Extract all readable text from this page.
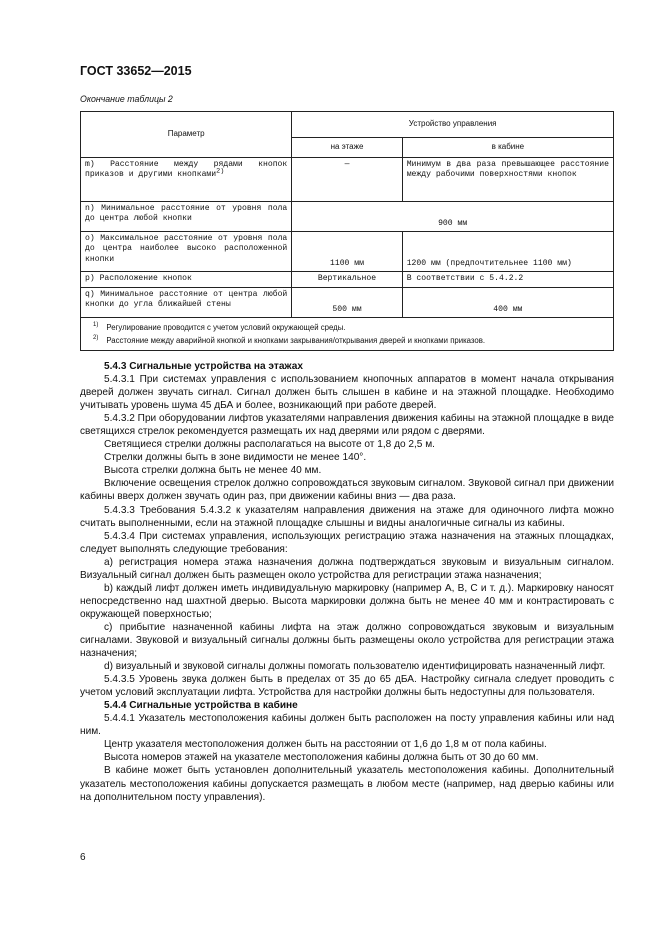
ГОСТ 33652—2015
Окончание таблицы 2
Параметр	Устройство управления	
	на этаже	в кабине
m) Расстояние между рядами кнопок приказов и другими кнопками$^{2)}$	—	Минимум в два раза превышающее расстояние между рабочими поверхностями кнопок
n) Минимальное расстояние от уровня пола до центра любой кнопки	900 мм	
o) Максимальное расстояние от уровня пола до центра наиболее высоко расположенной кнопки	1100 мм	1200 мм (предпочтительнее 1100 мм)
p) Расположение кнопок	Вертикальное	В соответствии с 5.4.2.2
q) Минимальное расстояние от центра любой кнопки до угла ближайшей стены	500 мм	400 мм

$^{1)}$ Регулирование проводится с учетом условий окружающей среды.
$^{2)}$ Расстояние между аварийной кнопкой и кнопками закрывания/открывания дверей и кнопками приказов.		

5.4.3 Сигнальные устройства на этажах

5.4.3.1 При системах управления с использованием кнопочных аппаратов в момент начала открывания дверей должен звучать сигнал. Сигнал должен быть слышен в кабине и на этажной площадке. Необходимо учитывать уровень шума 45 дБА и более, возникающий при работе дверей.

5.4.3.2 При оборудовании лифтов указателями направления движения кабины на этажной площадке в виде светящихся стрелок рекомендуется размещать их над дверями или рядом с дверями.

Светящиеся стрелки должны располагаться на высоте от 1,8 до 2,5 м.

Стрелки должны быть в зоне видимости не менее 140°.

Высота стрелки должна быть не менее 40 мм.

Включение освещения стрелок должно сопровождаться звуковым сигналом. Звуковой сигнал при движении кабины вверх должен звучать один раз, при движении кабины вниз — два раза.

5.4.3.3 Требования 5.4.3.2 к указателям направления движения на этаже для одиночного лифта можно считать выполненными, если на этажной площадке слышны и видны аналогичные сигналы из кабины.

5.4.3.4 При системах управления, использующих регистрацию этажа назначения на этажных площадках, следует выполнять следующие требования:

а) регистрация номера этажа назначения должна подтверждаться звуковым и визуальным сигналом. Визуальный сигнал должен быть размещен около устройства для регистрации этажа назначения;

b) каждый лифт должен иметь индивидуальную маркировку (например А, В, С и т. д.). Маркировку наносят непосредственно над шахтной дверью. Высота маркировки должна быть не менее 40 мм и контрастировать с окружающей поверхностью;

с) прибытие назначенной кабины лифта на этаж должно сопровождаться звуковым и визуальным сигналами. Звуковой и визуальный сигналы должны быть размещены около устройства для регистрации этажа назначения;

d) визуальный и звуковой сигналы должны помогать пользователю идентифицировать назначенный лифт.

5.4.3.5 Уровень звука должен быть в пределах от 35 до 65 дБА. Настройку сигнала следует проводить с учетом условий эксплуатации лифта. Устройства для настройки должны быть недоступны для пользователя.

5.4.4 Сигнальные устройства в кабине

5.4.4.1 Указатель местоположения кабины должен быть расположен на посту управления кабины или над ним.

Центр указателя местоположения должен быть на расстоянии от 1,6 до 1,8 м от пола кабины.

Высота номеров этажей на указателе местоположения кабины должна быть от 30 до 60 мм.

В кабине может быть установлен дополнительный указатель местоположения кабины. Дополнительный указатель местоположения кабины допускается размещать в любом месте (например, над дверью кабины или на дополнительном посту управления).

6
